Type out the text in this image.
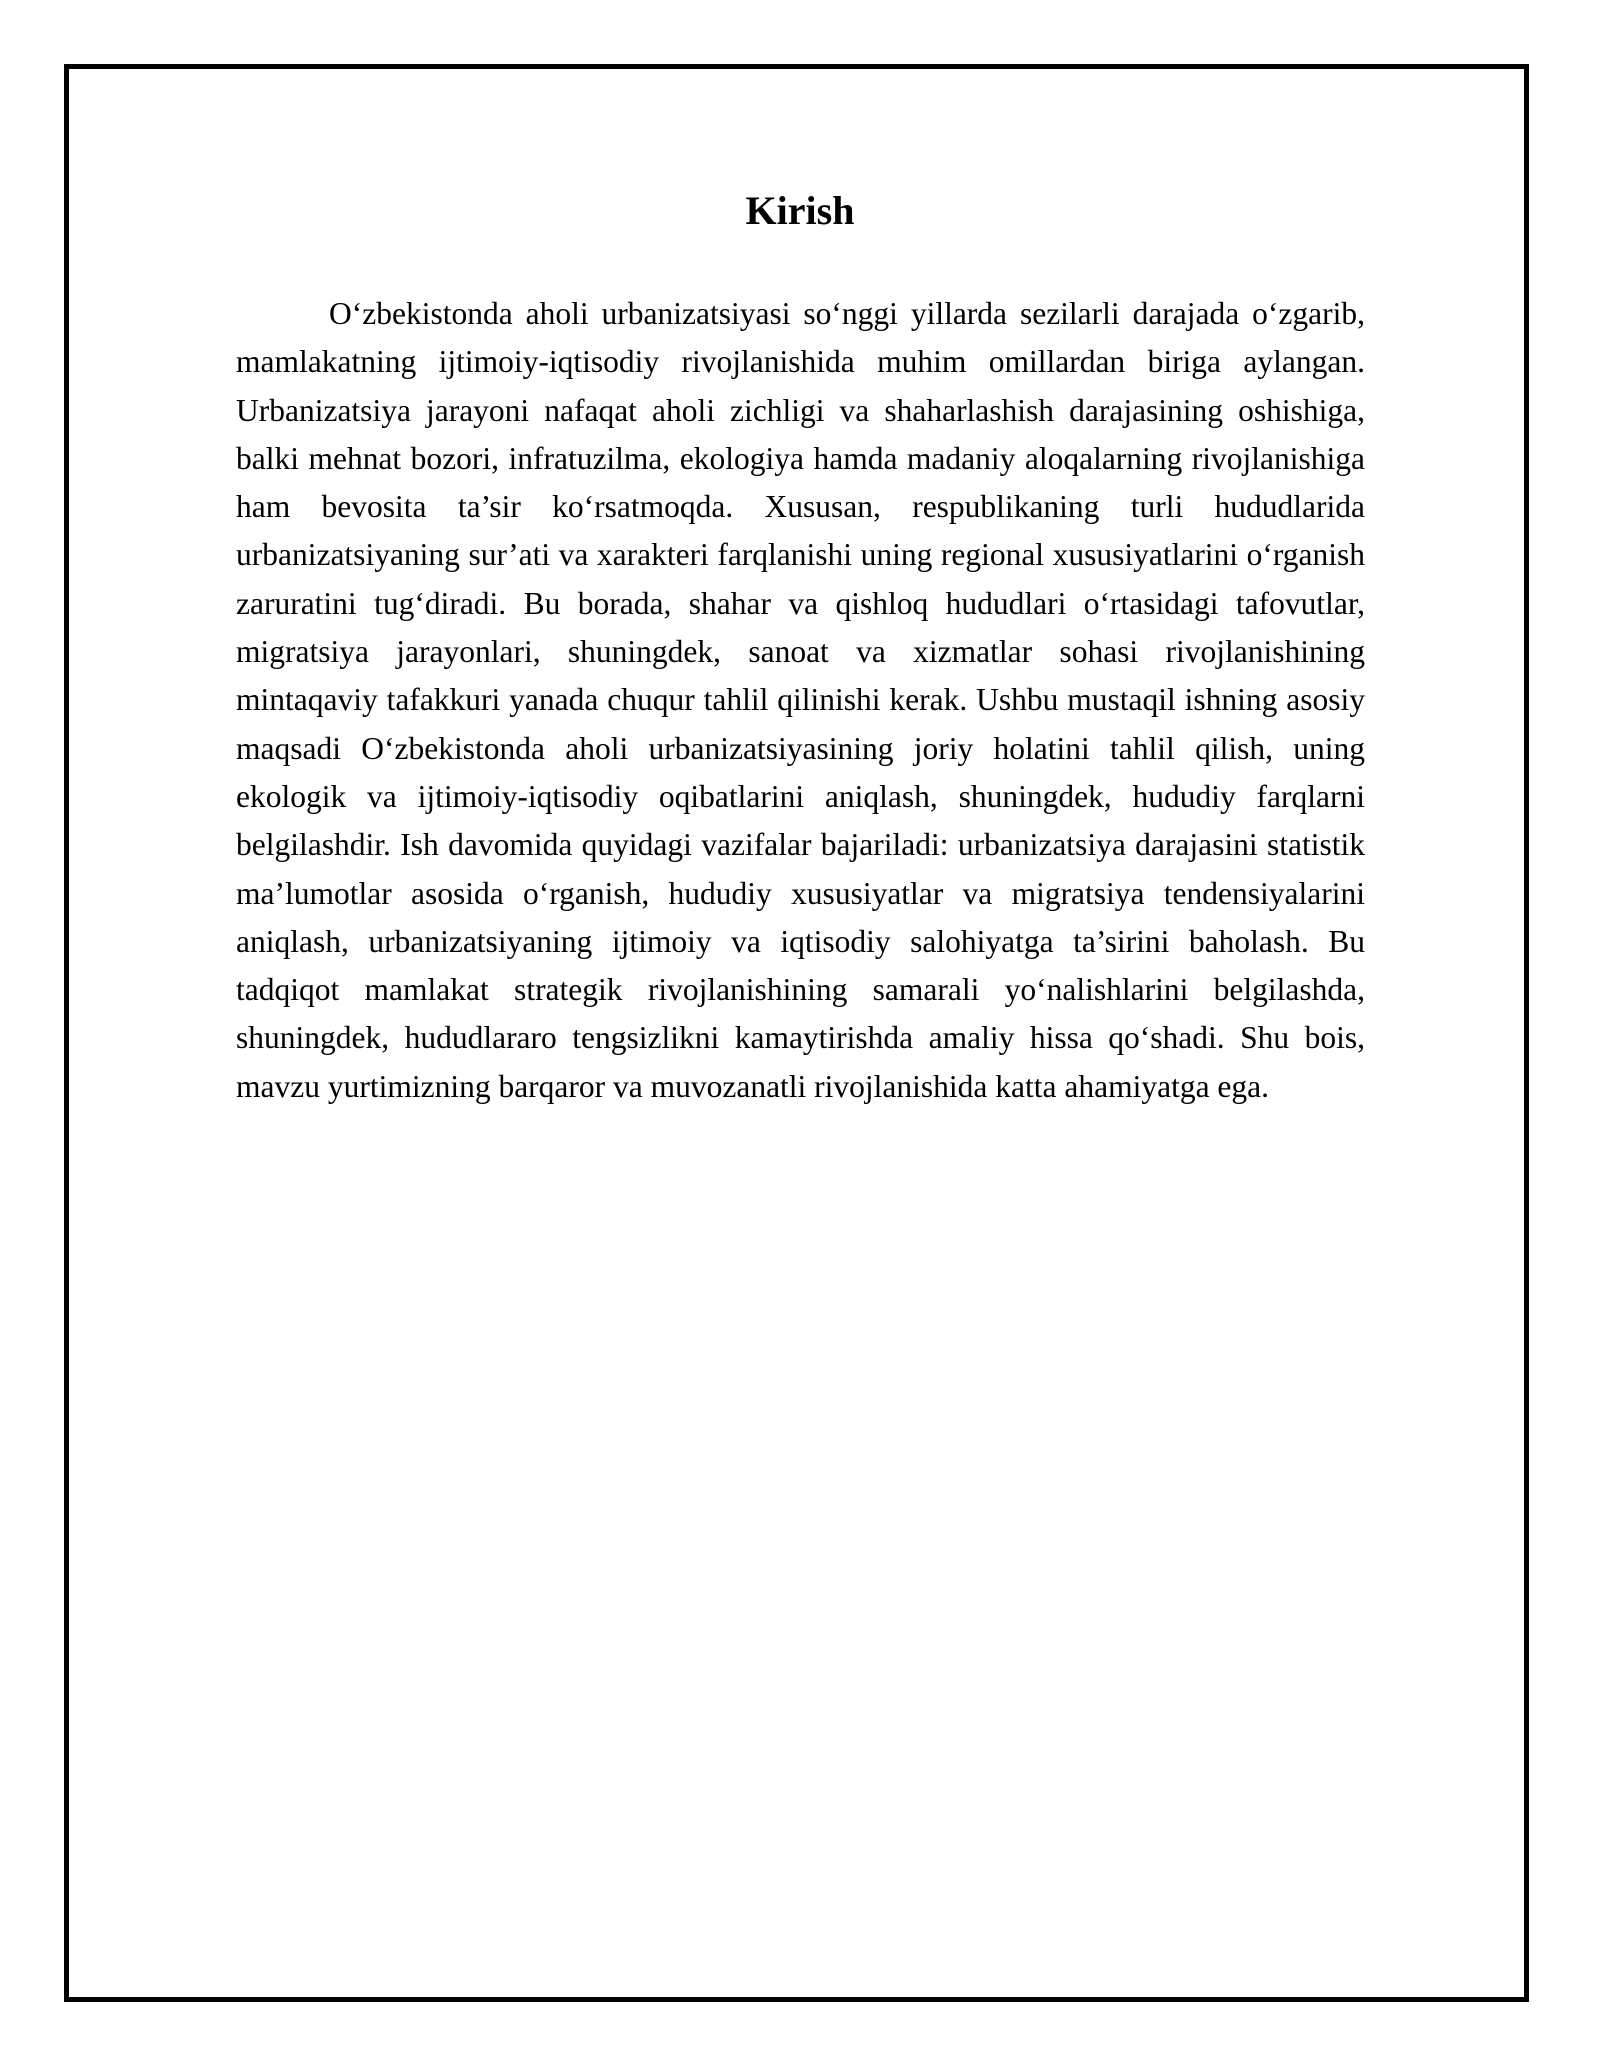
Kirish

O‘zbekistonda aholi urbanizatsiyasi so‘nggi yillarda sezilarli darajada o‘zgarib, mamlakatning ijtimoiy-iqtisodiy rivojlanishida muhim omillardan biriga aylangan. Urbanizatsiya jarayoni nafaqat aholi zichligi va shaharlashish darajasining oshishiga, balki mehnat bozori, infratuzilma, ekologiya hamda madaniy aloqalarning rivojlanishiga ham bevosita ta’sir ko‘rsatmoqda. Xususan, respublikaning turli hududlarida urbanizatsiyaning sur’ati va xarakteri farqlanishi uning regional xususiyatlarini o‘rganish zaruratini tug‘diradi. Bu borada, shahar va qishloq hududlari o‘rtasidagi tafovutlar, migratsiya jarayonlari, shuningdek, sanoat va xizmatlar sohasi rivojlanishining mintaqaviy tafakkuri yanada chuqur tahlil qilinishi kerak. Ushbu mustaqil ishning asosiy maqsadi O‘zbekistonda aholi urbanizatsiyasining joriy holatini tahlil qilish, uning ekologik va ijtimoiy-iqtisodiy oqibatlarini aniqlash, shuningdek, hududiy farqlarni belgilashdir. Ish davomida quyidagi vazifalar bajariladi: urbanizatsiya darajasini statistik ma’lumotlar asosida o‘rganish, hududiy xususiyatlar va migratsiya tendensiyalarini aniqlash, urbanizatsiyaning ijtimoiy va iqtisodiy salohiyatga ta’sirini baholash. Bu tadqiqot mamlakat strategik rivojlanishining samarali yo‘nalishlarini belgilashda, shuningdek, hududlararo tengsizlikni kamaytirishda amaliy hissa qo‘shadi. Shu bois, mavzu yurtimizning barqaror va muvozanatli rivojlanishida katta ahamiyatga ega.
